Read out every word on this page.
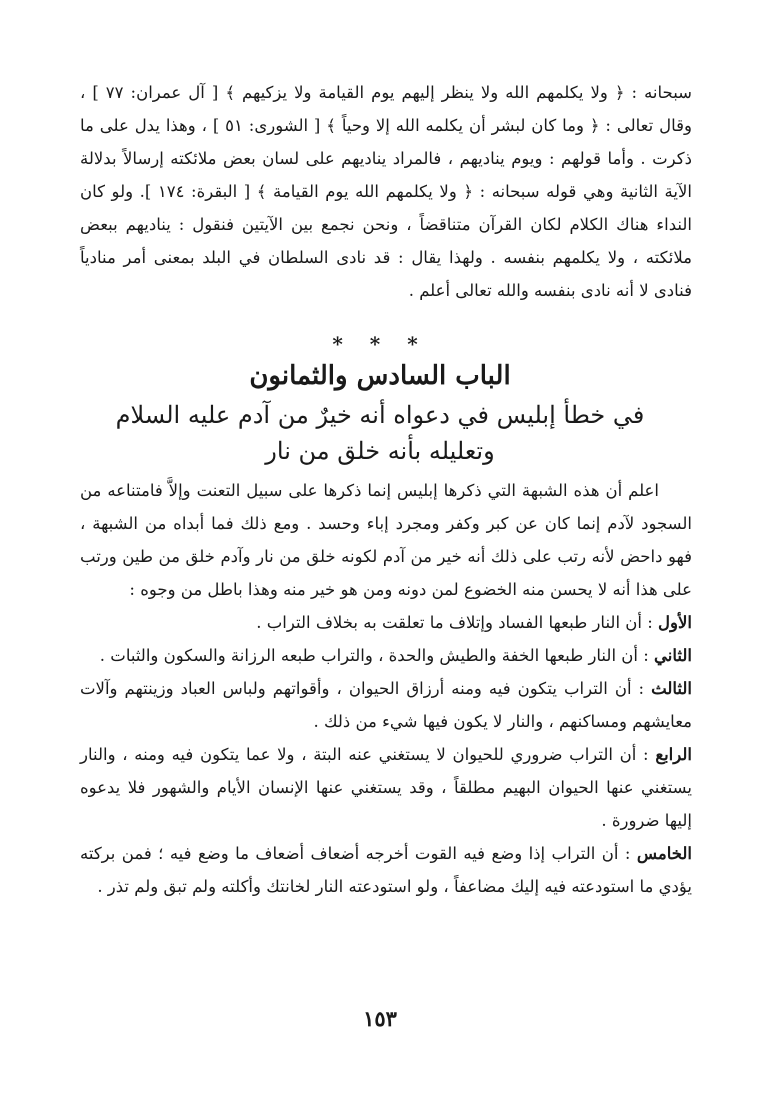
سبحانه : ﴿ ولا يكلمهم الله ولا ينظر إليهم يوم القيامة ولا يزكيهم ﴾ [ آل عمران: ٧٧ ] ، وقال تعالى : ﴿ وما كان لبشر أن يكلمه الله إلا وحياً ﴾ [ الشورى: ٥١ ] ، وهذا يدل على ما ذكرت . وأما قولهم : ويوم يناديهم ، فالمراد يناديهم على لسان بعض ملائكته إرسالاً بدلالة الآية الثانية وهي قوله سبحانه : ﴿ ولا يكلمهم الله يوم القيامة ﴾ [ البقرة: ١٧٤ ]. ولو كان النداء هناك الكلام لكان القرآن متناقضاً ، ونحن نجمع بين الآيتين فنقول : يناديهم ببعض ملائكته ، ولا يكلمهم بنفسه . ولهذا يقال : قد نادى السلطان في البلد بمعنى أمر منادياً فنادى لا أنه نادى بنفسه والله تعالى أعلم .
* * *
الباب السادس والثمانون
في خطأ إبليس في دعواه أنه خيرٌ من آدم عليه السلام
وتعليله بأنه خلق من نار

  اعلم أن هذه الشبهة التي ذكرها إبليس إنما ذكرها على سبيل التعنت وإلاَّ فامتناعه من السجود لآدم إنما كان عن كبر وكفر ومجرد إباء وحسد . ومع ذلك فما أبداه من الشبهة ، فهو داحض لأنه رتب على ذلك أنه خير من آدم لكونه خلق من نار وآدم خلق من طين ورتب على هذا أنه لا يحسن منه الخضوع لمن دونه ومن هو خير منه وهذا باطل من وجوه :

الأول : أن النار طبعها الفساد وإتلاف ما تعلقت به بخلاف التراب .

الثاني : أن النار طبعها الخفة والطيش والحدة ، والتراب طبعه الرزانة والسكون والثبات .

الثالث : أن التراب يتكون فيه ومنه أرزاق الحيوان ، وأقواتهم ولباس العباد وزينتهم وآلات معايشهم ومساكنهم ، والنار لا يكون فيها شيء من ذلك .

الرابع : أن التراب ضروري للحيوان لا يستغني عنه البتة ، ولا عما يتكون فيه ومنه ، والنار يستغني عنها الحيوان البهيم مطلقاً ، وقد يستغني عنها الإنسان الأيام والشهور فلا يدعوه إليها ضرورة .

الخامس : أن التراب إذا وضع فيه القوت أخرجه أضعاف أضعاف ما وضع فيه ؛ فمن بركته يؤدي ما استودعته فيه إليك مضاعفاً ، ولو استودعته النار لخانتك وأكلته ولم تبق ولم تذر .

١٥٣
